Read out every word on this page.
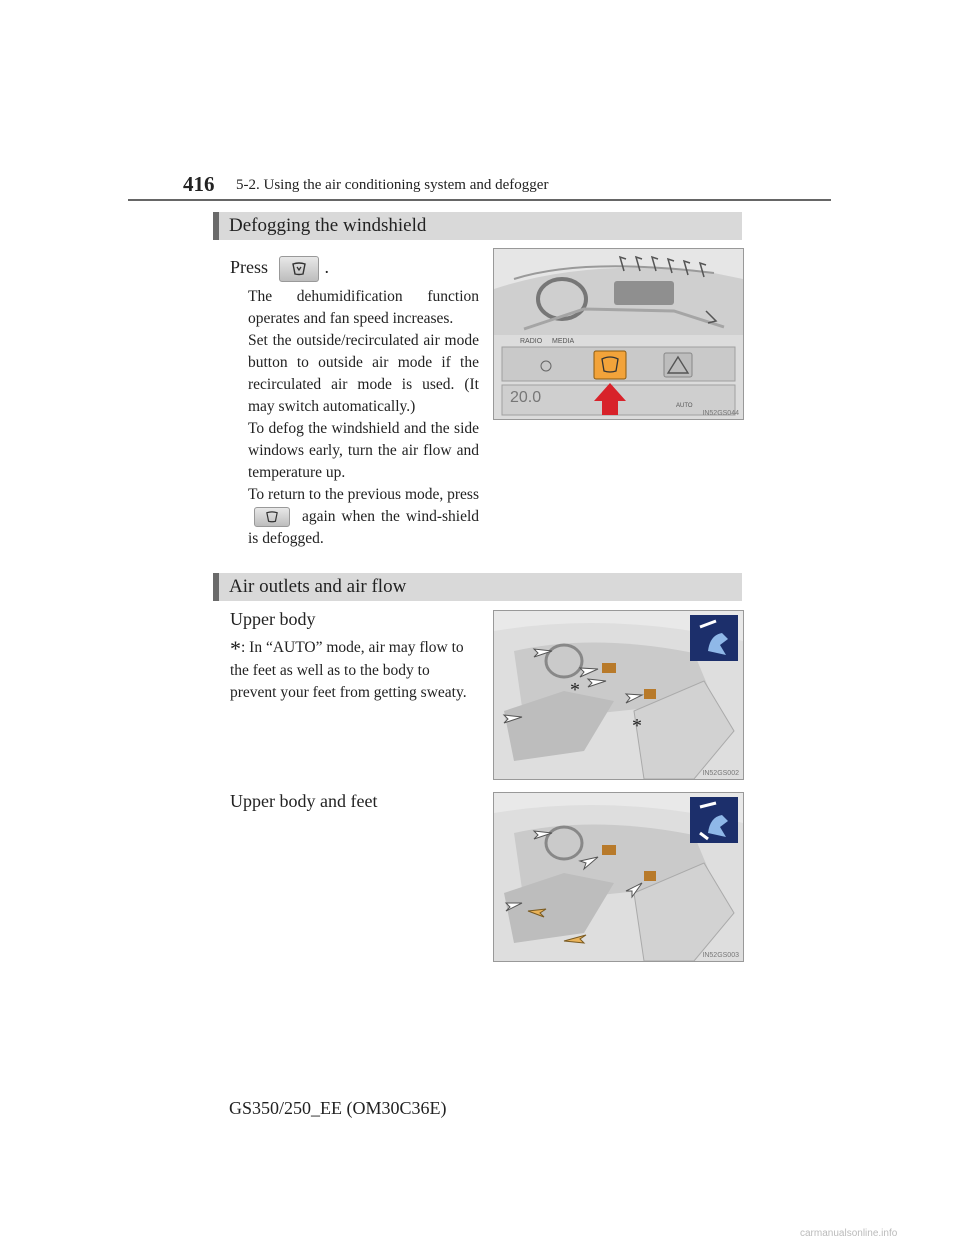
416 5-2. Using the air conditioning system and defogger
Defogging the windshield
Press	.
The dehumidification function operates and fan speed increases.
Set the outside/recirculated air mode button to outside air mode if the recirculated air mode is used. (It may switch automatically.)
To defog the windshield and the side windows early, turn the air flow and temperature up.
To return to the previous mode, press
again when the wind-shield is defogged.
RADIO MEDIA
20.0	AUTO
IN52GS044
Air outlets and air flow
Upper body
*: In “AUTO” mode, air may flow to the feet as well as to the body to prevent your feet from getting sweaty.
Upper body and feet
*
*
IN52GS002
IN52GS003
GS350/250_EE (OM30C36E)
carmanualsonline.info
